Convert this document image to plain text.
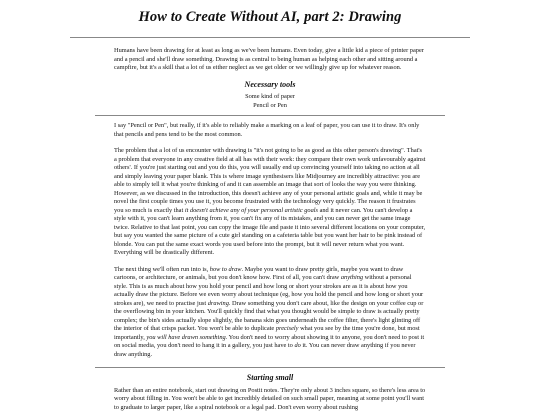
How to Create Without AI, part 2: Drawing

Humans have been drawing for at least as long as we've been humans. Even today, give a little kid a piece of printer paper and a pencil and she'll draw something. Drawing is as central to being human as helping each other and sitting around a campfire, but it's a skill that a lot of us either neglect as we get older or we willingly give up for whatever reason.

Necessary tools
Some kind of paper
Pencil or Pen

I say "Pencil or Pen", but really, if it's able to reliably make a marking on a leaf of paper, you can use it to draw. It's only that pencils and pens tend to be the most common.

The problem that a lot of us encounter with drawing is "it's not going to be as good as this other person's drawing". That's a problem that everyone in any creative field at all has with their work: they compare their own work unfavourably against others'. If you're just starting out and you do this, you will usually end up convincing yourself into taking no action at all and simply leaving your paper blank. This is where image synthesisers like Midjourney are incredibly attractive: you are able to simply tell it what you're thinking of and it can assemble an image that sort of looks the way you were thinking. However, as we discussed in the introduction, this doesn't achieve any of your personal artistic goals and, while it may be novel the first couple times you use it, you become frustrated with the technology very quickly. The reason it frustrates you so much is exactly that it doesn't achieve any of your personal artistic goals and it never can. You can't develop a style with it, you can't learn anything from it, you can't fix any of its mistakes, and you can never get the same image twice. Relative to that last point, you can copy the image file and paste it into several different locations on your computer, but say you wanted the same picture of a cute girl standing on a cafeteria table but you want her hair to be pink instead of blonde. You can put the same exact words you used before into the prompt, but it will never return what you want. Everything will be drastically different.

The next thing we'll often run into is, how to draw. Maybe you want to draw pretty girls, maybe you want to draw cartoons, or architecture, or animals, but you don't know how. First of all, you can't draw anything without a personal style. This is as much about how you hold your pencil and how long or short your strokes are as it is about how you actually draw the picture. Before we even worry about technique (eg, how you hold the pencil and how long or short your strokes are), we need to practise just drawing. Draw something you don't care about, like the design on your coffee cup or the overflowing bin in your kitchen. You'll quickly find that what you thought would be simple to draw is actually pretty complex; the bin's sides actually slope slightly, the banana skin goes underneath the coffee filter, there's light glinting off the interior of that crisps packet. You won't be able to duplicate precisely what you see by the time you're done, but most importantly, you will have drawn something. You don't need to worry about showing it to anyone, you don't need to post it on social media, you don't need to hang it in a gallery, you just have to do it. You can never draw anything if you never draw anything.

Starting small

Rather than an entire notebook, start out drawing on Postit notes. They're only about 3 inches square, so there's less area to worry about filling in. You won't be able to get incredibly detailed on such small paper, meaning at some point you'll want to graduate to larger paper, like a spiral notebook or a legal pad. Don't even worry about rushing
